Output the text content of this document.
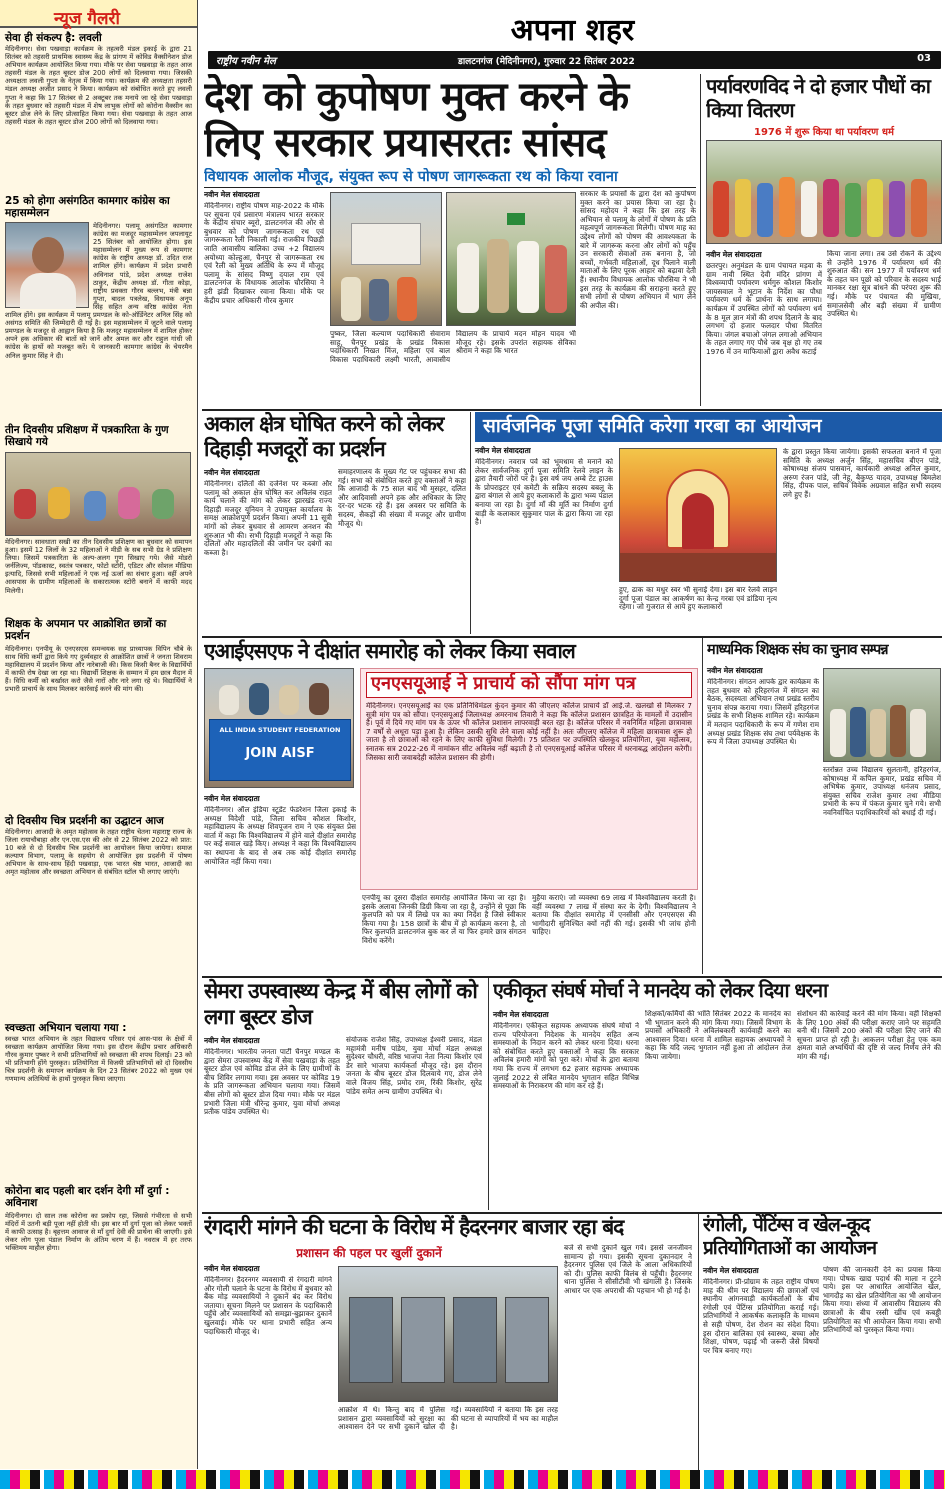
न्यूज गैलरी
सेवा ही संकल्प है: लवली
मेदिनीनगर। सेवा पखवाड़ा कार्यक्रम के तहत्वरी मंडल इकाई के द्वारा 21 सितंबर को तहसरी प्राथमिक स्वास्थ्य केंद्र के प्रांगण में कोविड वैक्सीनेशन डोज अभियान कार्यक्रम आयोजित किया गया। मौके पर सेवा पखवाड़ा के तहत आज तहसरी मंडल के तहत बूस्टर डोज 200 लोगों को दिलवाया गया। जिसकी अध्यक्षता लवली गुप्ता के नेतृत्व में किया गया। कार्यक्रम की अध्यक्षता तहसरी मंडल अध्यक्ष अजीत प्रसाद ने किया। कार्यक्रम को संबोधित करते हुए लवली गुप्ता ने कहा कि 17 सितंबर से 2 अक्टूबर तक मनाये जा रहे सेवा पखवाड़ा के तहत बुधवार को तहसरी मंडल में शेष लाभुक लोगों को कोरोना वैक्सीन का बूस्टर डोज लेने के लिए प्रोत्साहित किया गया। सेवा पखवाड़ा के तहत आज तहसरी मंडल के तहत बूस्टर डोज 200 लोगों को दिलवाया गया।
25 को होगा असंगठित कामगार कांग्रेस का महासम्मेलन
मेदिनीनगर। पलामू असंगठित कामगार कांग्रेस का मजदूर महासम्मेलन जपलायूट 25 सितंबर को आयोजित होगा। इस महासम्मेलन में मुख्य रूप से कामगार कांग्रेस के राष्ट्रीय अध्यक्ष डॉ. उदित राज शामिल होंगे। कार्यक्रम में प्रदेश प्रभारी अविनाश पांडे, प्रदेश अध्यक्ष राजेश ठाकुर, केंद्रीय अध्यक्ष डॉ. गीता कोड़ा, राष्ट्रीय प्रवक्ता गौरव बल्लभ, मंत्री बन्ना गुप्ता, बादल पत्रलेख, विधायक अनूप सिंह सहित अन्य वरिष्ठ कांग्रेस नेता शामिल होंगे। इस कार्यक्रम में पलामू प्रमण्डल के को-ऑर्डिनेटर अनिल सिंह को असंगठ समिति की जिम्मेदारी दी गई है। इस महासम्मेलन में जुटने वाले पलामू प्रमण्डल के मजदूर से आह्वान किया है कि मजदूर महासम्मेलन में शामिल होकर अपने हक अधिकार की बातों को जानें और अमल कर और राहुल गांधी जी कांग्रेस के हाथों को मजबूत करें। ये जानकारी कामगार कांग्रेस के चेयरमैन अनिल कुमार सिंह ने दी।
तीन दिवसीय प्रशिक्षण में पत्रकारिता के गुण सिखाये गये
मेदिनीनगर। सावधाता सखी का तीन दिवसीय प्रशिक्षण का बुधवार को समापन हुआ। इसमें 12 जिलों के 32 महिलाओं ने मीडी के सब सभी ग्रेड ने प्रशिक्षण लिया। जिसमें पत्रकारिता के अल्प-अलग गुण सिखाए गये। जैसे मोडरो जर्नलिज्म, पॉडकास्ट, स्वतंत्र पत्रकार, फोटो स्टोरी, एडिटर और सोशल मीडिया इत्यादि, जिससे सभी महिलाओं ने एक नई ऊर्जा का संचार हुआ। वहीं अपने आसपास के ग्रामीण महिलाओं के सकारात्मक स्टोरी बनाने में काफी मदद मिलेगी।
शिक्षक के अपमान पर आक्रोशित छात्रों का प्रदर्शन
मेदिनीनगर। एनपीयू के एनएसएस समन्वयक सह प्राध्यापक विपिन चौबे के साथ विधि कर्मी द्वारा किये गए दुर्व्यवहार से आक्रोशित छात्रों ने जनता शिवराम महाविद्यालय में प्रदर्शन किया और नारेबाजी की। किस किसी बैनर के विद्यार्थियों में काफी रोष देखा जा रहा था। विद्यार्थी शिक्षक के सम्मान में हम छात्र मैदान में हैं। विधि कर्मी को बर्खास्त करो जैसे नारों और नारे लगा रहे थे। विद्यार्थियों ने प्रभारी प्राचार्य के साथ मिलकर कार्रवाई करने की मांग की।
दो दिवसीय चित्र प्रदर्शनी का उद्घाटन आज
मेदिनीनगर। आजादी के अमृत महोत्सव के तहत राष्ट्रीय चेतना महाराष्ट्र राज्य के जिला रायाचौबाहा और एन.एस.एस की ओर से 22 सितंबर 2022 को प्रात: 10 बजे से दो दिवसीय चित्र प्रदर्शनी का आयोजन किया जायेगा। समाज कल्याण विभाग, पलामू के सहयोग से आयोजित इस प्रदर्शनी में पोषण अभियान के साथ-साथ हिंदी पखवाड़ा, एक भारत श्रेष्ठ भारत, आजादी का अमृत महोत्सव और स्वच्छता अभियान से संबंधित स्टॉल भी लगाए जाएंगे।
स्वच्छता अभियान चलाया गया :
स्वच्छ भारत अभियान के तहत विद्यालय परिसर एवं आस-पास के क्षेत्रों में स्वच्छता कार्यक्रम आयोजित किया गया। इस दौरान केंद्रीय प्रचार अधिकारी गौरव कुमार पुष्कर ने सभी प्रतिभागियों को स्वच्छता की शपथ दिलाई। 23 को भी प्रतिभागी होंगे पुरस्कृत। प्रतियोगिता में विजयी प्रतिभागियों को दो दिवसीय चित्र प्रदर्शनी के समापन कार्यक्रम के दिन 23 सितंबर 2022 को मुख्य एवं गणमान्य अतिथियों के हाथों पुरस्कृत किया जाएगा।
कोरोना बाद पहली बार दर्शन देगी माँ दुर्गा : अविनाश
मेदिनीनगर। दो साल तक कोरोना का प्रकोप रहा, जिससे गंभीरता से सभी मंदिरों में उतनी बड़ी पूजा नहीं होती थी। इस बार माँ दुर्गा पूजा को लेकर भक्तों में काफी उत्साह है। बृहत्तम आवाज से माँ दुर्गा देवी की प्रार्थना की जाएगी। इसे लेकर लोग पूजा पंडाल निर्माण के अंतिम चरण में हैं। नवरात्र में हर तरफ भक्तिमय माहौल होगा।
अपना शहर
राष्ट्रीय नवीन मेल	डालटनगंज (मेदिनीनगर), गुरुवार 22 सितंबर 2022	03
देश को कुपोषण मुक्त करने के लिए सरकार प्रयासरतः सांसद
विधायक आलोक मौजूद, संयुक्त रूप से पोषण जागरूकता रथ को किया रवाना
नवीन मेल संवाददाता
मेदिनीनगर। राष्ट्रीय पोषण माह-2022 के मौके पर सूचना एवं प्रसारण मंत्रालय भारत सरकार के केंद्रीय संचार ब्यूरो, डालटनगंज की ओर से बुधवार को पोषण जागरूकता रथ एवं जागरूकता रैली निकाली गई। राजकीय पिछड़ी जाति आवासीय बालिका उच्च +2 विद्यालय अयोध्या कोल्हुआ, चैनपुर से जागरूकता रथ एवं रैली को मुख्य अतिथि के रूप में मौजूद पलामू के सांसद विष्णु दयाल राम एवं डालटनगंज के विधायक आलोक चौरसिया ने हरी झंडी दिखाकर रवाना किया। मौके पर केंद्रीय प्रचार अधिकारी गौरव कुमार
पुष्कर, जिला कल्याण पदाधिकारी सेवाराम साहू, चैनपुर प्रखंड के प्रखंड विकास पदाधिकारी निखत मिंज, महिला एवं बाल विकास पदाधिकारी लक्ष्मी भारती, आवासीय विद्यालय के प्राचार्य मदन मोहन यादव भी मौजूद रहे। इसके उपरांत सहायक सेविका श्रीराम ने कहा कि भारत
सरकार के प्रयासों के द्वारा देश को कुपोषण मुक्त करने का प्रयास किया जा रहा है। सांसद महोदय ने कहा कि इस तरह के अभियान से पलामू के लोगों में पोषण के प्रति महत्वपूर्ण जागरूकता मिलेगी। पोषण माह का उद्देश्य लोगों को पोषण की आवश्यकता के बारे में जागरूक करना और लोगों को पहुँच उन सरकारी सेवाओं तक बनाना है, जो बच्चों, गर्भवती महिलाओं, दूध पिलाने वाली माताओं के लिए पूरक आहार को बढ़ावा देती हैं। स्थानीय विधायक आलोक चौरसिया ने भी इस तरह के कार्यक्रम की सराहना करते हुए सभी लोगों से पोषण अभियान में भाग लेने की अपील की।
पर्यावरणविद ने दो हजार पौधों का किया वितरण
1976 में शुरू किया था पर्यावरण धर्म
नवीन मेल संवाददाता
छतरपुर। अनुमंडल के ग्राम पंचायत मड़वा के ग्राम नावी स्थित देवी मंदिर प्रांगण में विश्वव्यापी पर्यावरण धर्मगुरु कौशल किशोर जायसवाल ने भूटान के निर्देश का पौधा पर्यावरण धर्म के प्रार्थना के साथ लगाया। कार्यक्रम में उपस्थित लोगों को पर्यावरण धर्म के 8 मूल ज्ञान मंत्रों की शपथ दिलाने के बाद लगभग दो हजार फलदार पौधा वितरित किया। जंगल बचाओ जंगल लगाओ अभियान के तहत लगाए गए पौधे जब वृक्ष हो गए तब 1976 में उन माफियाओं द्वारा अवैध कटाई
किया जाना लगा। तब उसे रोकने के उद्देश्य से उन्होंने 1976 में पर्यावरण धर्म की शुरुआत की। सन 1977 में पर्यावरण धर्म के तहत चन पूछो को परिवार के सदस्य भाई मानकर रक्षा सूत्र बांधने की परंपरा शुरू की गई। मौके पर पंचायत की मुखिया, समाजसेवी और बड़ी संख्या में ग्रामीण उपस्थित थे।
अकाल क्षेत्र घोषित करने को लेकर दिहाड़ी मजदूरों का प्रदर्शन
नवीन मेल संवाददाता
मेदिनीनगर। दलितों की दर्जनेश पर कब्जा और पलामू को अकाल क्षेत्र घोषित कर अविलंब राहत कार्य चलाने की मांग को लेकर झारखंड राज्य दिहाड़ी मजदूर यूनियन ने उपायुक्त कार्यालय के समक्ष आक्रोशपूर्ण प्रदर्शन किया। अपनी 11 सूत्री मांगों को लेकर बुधवार से आमरण अनशन की शुरुआत भी की। सभी दिहाड़ी मजदूरों ने कहा कि दलितों और महादलितों की जमीन पर दबंगों का कब्जा है।
समाहरणालय के मुख्य गेट पर पहुंचकर सभा की गई। सभा को संबोधित करते हुए वक्ताओं ने कहा कि आजादी के 75 साल बाद भी मुसहर, दलित और आदिवासी अपने हक और अधिकार के लिए दर-दर भटक रहे हैं। इस अवसर पर समिति के सदस्य, सैकड़ों की संख्या में मजदूर और ग्रामीण मौजूद थे।
सार्वजनिक पूजा समिति करेगा गरबा का आयोजन
नवीन मेल संवाददाता
मेदिनीनगर। नवरात्र पर्व को भूमधाम से मनाने को लेकर सार्वजनिक दुर्गा पूजा समिति रेलवे लाइन के द्वारा तैयारी जोरों पर है। इस वर्ष जय अम्बे टेंट हाउस के प्रोपराइटर एवं कमेटी के सक्रिय सदस्य बबलू के द्वारा बंगाल से आये हुए कलाकारों के द्वारा भव्य पंडाल बनाया जा रहा है। दुर्गा माँ की मूर्ति का निर्माण दुर्गा बाड़ी के कलाकार सुकुमार पाल के द्वारा किया जा रहा है।
हुए, ढाक का मधुर स्वर भी सुनाई देगा। इस बार रेलवे लाइन दुर्गा पूजा पंडाल का आकर्षण का केन्द्र गरबा एवं डांडिया नृत्य रहेगा। जो गुजरात से आये हुए कलाकारों
के द्वारा प्रस्तुत किया जायेगा। इसकी सफलता बनाने में पूजा समिति के अध्यक्ष अर्जुन सिंह, महासचिव बीएन पांडे, कोषाध्यक्ष संजय पासवान, कार्यकारी अध्यक्ष अनिल कुमार, अरुण रंजन पांडे, जी नेहू, बैकुण्ठ यादव, उपाध्यक्ष बिमलेश सिंह, दीपक पाल, सचिव विवेक अग्रवाल सहित सभी सदस्य लगे हुए हैं।
एआईएसएफ ने दीक्षांत समारोह को लेकर किया सवाल
ALL INDIA STUDENT FEDERATION
JOIN AISF
नवीन मेल संवाददाता
मेदिनीनगर। ऑल इंडिया स्टूडेंट फेडरेशन जिला इकाई के अध्यक्ष विदेशी पांडे, जिला सचिव कौशल किशोर, महाविद्यालय के अध्यक्ष शिवपूजन राम ने एक संयुक्त प्रेस वार्ता में कहा कि विश्वविद्यालय में होने वाले दीक्षांत समारोह पर कई सवाल खड़े किए। अध्यक्ष ने कहा कि विश्वविद्यालय का स्थापना के बाद से अब तक कोई दीक्षांत समारोह आयोजित नहीं किया गया।
एनपीयू का दूसरा दीक्षांत समारोह आयोजित किया जा रहा है। इसके अलावा जिनकी डिग्री किया जा रहा है, उन्होंने से पूछा कि कुलपति को पत्र में लिखे पत्र का क्या निर्देश है जिसे स्वीकार किया गया है। 158 छात्रों के बीच में हो कार्यक्रम करना है, तो फिर कुलपति डालटनगंज बुक कर लें या फिर हमारे छात्र संगठन विरोध करेंगे।
मुहैया कराएं। जो व्यवस्था 69 लाख में विश्वविद्यालय करती है। वहीं व्यवस्था 7 लाख में संस्था कर के देगी। विश्वविद्यालय ने बताया कि दीक्षांत समारोह में एनसीसी और एनएसएस की भागीदारी सुनिश्चित क्यों नहीं की गई। इसकी भी जांच होनी चाहिए।
एनएसयूआई ने प्राचार्य को सौंपा मांग पत्र
मेदिनीनगर। एनएसयूआई का एक प्रतिनिधिमंडल कुंदन कुमार की जीएलए कॉलेज प्राचार्य डॉ आई.जे. खलखो से मिलकर 7 सूत्री मांग पत्र को सौंपा। एनएसयूआई जिलाध्यक्ष अमरनाथ तिवारी ने कहा कि कॉलेज प्रशासन छात्रहित के मामलों में उदासीन है। पूर्व में दिये गए मांग पत्र के ऊपर भी कॉलेज प्रशासन लापरवाही बरत रहा है। कॉलेज परिसर में नवनिर्मित महिला छात्रावास 7 वर्षों से अधूरा पड़ा हुआ है। लेकिन उसकी सुधि लेने वाला कोई नहीं है। अतः जीएलए कॉलेज में महिला छात्रावास शुरू हो जाता है तो छात्राओं को रहने के लिए काफी सुविधा मिलेगी। 75 प्रतिशत पर उपस्थिति खेलकूद प्रतियोगिता, युवा महोत्सव, स्नातक सत्र 2022-26 में नामांकन सीट अविलंब नहीं बढ़ाती है तो एनएसयूआई कॉलेज परिसर में धरनाबद्ध आंदोलन करेगी। जिसका सारी जवाबदेही कॉलेज प्रशासन की होगी।
माध्यमिक शिक्षक संघ का चुनाव सम्पन्न
नवीन मेल संवाददाता
मेदिनीनगर। संगठन आपके द्वार कार्यक्रम के तहत बुधवार को हरिहरगंज में संगठन का बैठक, सदस्यता अभियान तथा प्रखंड स्तरीय चुनाव संपन्न कराया गया। जिसमें हरिहरगंज प्रखंड के सभी शिक्षक शामिल रहे। कार्यक्रम में मतदान पदाधिकारी के रूप में गणेश राम अध्यक्ष प्रखंड शिक्षक संघ तथा पर्यवेक्षक के रूप में जिला उपाध्यक्ष उपस्थित थे।
स्तरोन्नत उच्च विद्यालय सुलतानी, हरिहरगंज, कोषाध्यक्ष में कपिल कुमार, प्रखंड सचिव में अभिषेक कुमार, उपाध्यक्ष धनंजय प्रसाद, संयुक्त सचिव राजेश कुमार तथा मीडिया प्रभारी के रूप में पंकज कुमार चुने गये। सभी नवनिर्वाचित पदाधिकारियों को बधाई दी गई।
सेमरा उपस्वास्थ्य केन्द्र में बीस लोगों को लगा बूस्टर डोज
नवीन मेल संवाददाता
मेदिनीनगर। भारतीय जनता पार्टी चैनपुर मण्डल के द्वारा सेमरा उपस्वास्थ्य केंद्र में सेवा पखवाड़ा के तहत बूस्टर डोज एवं कोविड डोज लेने के लिए ग्रामीणों के बीच शिविर लगाया गया। इस अवसर पर कोविड 19 के प्रति जागरूकता अभियान चलाया गया। जिसमें बीस लोगों को बूस्टर डोज दिया गया। मौके पर मंडल प्रभारी जिला मंत्री धीरेन्द्र कुमार, युवा मोर्चा अध्यक्ष प्रतीक पांडेय उपस्थित थे।
संयोजक राजेश सिंह, उपाध्यक्ष ईश्वरी प्रसाद, मंडल महामंत्री मनीष पांडेय, युवा मोर्चा मंडल अध्यक्ष सुदेश्वर चौधरी, वरिष्ठ भाजपा नेता नित्या किशोर एवं डेर सारे भाजपा कार्यकर्ता मौजूद रहे। इस दौरान जनता के बीच बूस्टर डोज दिलवाये गए, डोज लेने वाले विजय सिंह, प्रमोद राम, रिंकी किशोर, सुरेंद्र पांडेय समेत अन्य ग्रामीण उपस्थित थे।
एकीकृत संघर्ष मोर्चा ने मानदेय को लेकर दिया धरना
नवीन मेल संवाददाता
मेदिनीनगर। एकीकृत सहायक अध्यापक संघर्ष मोर्चा ने राज्य परियोजना निदेशक के मानदेय सहित अन्य समस्याओं के निदान करने को लेकर धरना दिया। धरना को संबोधित करते हुए वक्ताओं ने कहा कि सरकार अविलंब हमारी मांगों को पूरा करे। मोर्चा के द्वारा बताया गया कि राज्य में लगभग 62 हजार सहायक अध्यापक जुलाई 2022 से लंबित मानदेय भुगतान सहित विभिन्न समस्याओं के निराकरण की मांग कर रहे हैं।
शिक्षकों/कर्मियों की भांति सितंबर 2022 के मानदेय का भी भुगतान करने की मांग किया गया। जिसमें विभाग के प्रयासों अभिकारी ने अविलंबकारी कार्यवाही करने का आश्वासन दिया। धरना में शामिल सहायक अध्यापकों ने कहा कि यदि जल्द भुगतान नहीं हुआ तो आंदोलन तेज किया जायेगा।
संशोधन की कार्रवाई करने की मांग किया। वहीं शिक्षकों के लिए 100 अंकों की परीक्षा कराए जाने पर सहमति बनी थी। जिसमें 200 अंकों की परीक्षा लिए जाने की सूचना प्राप्त हो रही है। आकलन परीक्षा हेतु एक कम क्षमता वाले अभ्यर्थियों की दृष्टि से जल्द निर्णय लेने की मांग की गई।
रंगदारी मांगने की घटना के विरोध में हैदरनगर बाजार रहा बंद
प्रशासन की पहल पर खुलीं दुकानें
नवीन मेल संवाददाता
मेदिनीनगर। हैदरनगर व्यवसायी से रंगदारी मांगने और गोली चलाने के घटना के विरोध में बुधवार को बैंक मोड़ व्यवसायियों ने दुकानें बंद कर विरोध जताया। सूचना मिलने पर प्रशासन के पदाधिकारी पहुँचे और व्यवसायियों को समझा-बुझाकर दुकानें खुलवाई। मौके पर थाना प्रभारी सहित अन्य पदाधिकारी मौजूद थे।
आक्रोश में थे। किन्तु बाद में पुलिस प्रशासन द्वारा व्यवसायियों को सुरक्षा का आश्वासन देने पर सभी दुकानें खोल दी गईं। व्यवसायियों ने बताया कि इस तरह की घटना से व्यापारियों में भय का माहौल है।
बजे से सभी दुकानें खुल गये। इससे जनजीवन सामान्य हो गया। इसकी सूचना दुकानदार ने हैदरनगर पुलिस एवं जिले के आला अधिकारियों को दी। पुलिस काफी विलंब से पहुँची। हैदरनगर थाना पुलिस ने सीसीटीवी भी खंगाली है। जिसके आधार पर एक अपराधी की पहचान भी हो गई है।
रंगोली, पेंटिंग्स व खेल-कूद प्रतियोगिताओं का आयोजन
नवीन मेल संवाददाता
मेदिनीनगर। प्री-प्रोग्राम के तहत राष्ट्रीय पोषण माह की थीम पर विद्यालय की छात्राओं एवं स्थानीय आंगनवाड़ी कार्यकर्ताओं के बीच रंगोली एवं पेंटिंग्स प्रतियोगिता कराई गई। प्रतिभागियों ने आकर्षक कलाकृति के माध्यम से सही पोषण, देश रोशन का संदेश दिया। इस दौरान बालिका एवं स्वास्थ्य, बच्चा और शिक्षा, पोषण, पढ़ाई भी जरूरी जैसे विषयों पर चित्र बनाए गए।
पोषण की जानकारी देने का प्रयास किया गया। पोषक खाद्य पदार्थ की माला न टूटने पाये। इस पर आधारित आयोजित खेल, भागदौड़ का खेल प्रतियोगिता का भी आयोजन किया गया। संध्या में आवासीय विद्यालय की छात्राओं के बीच रस्सी खींच एवं कबड्डी प्रतियोगिता का भी आयोजन किया गया। सभी प्रतिभागियों को पुरस्कृत किया गया।
